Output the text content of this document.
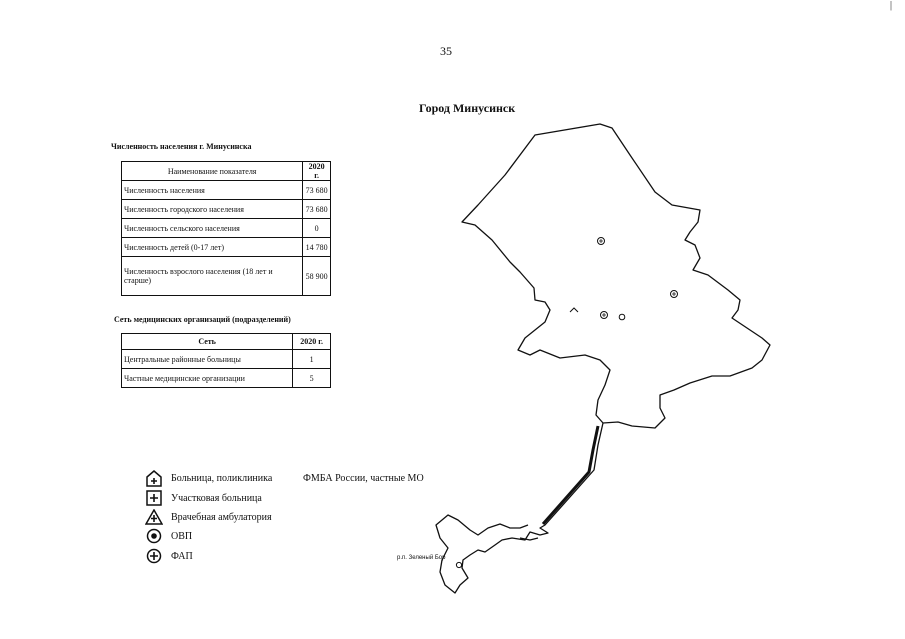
|
35
Город Минусинск
Численность населения г. Минусинска
Наименование показателя	2020 г.
Численность населения	73 680
Численность городского населения	73 680
Численность сельского населения	0
Численность детей (0-17 лет)	14 780
Численность взрослого населения (18 лет и старше)	58 900
Сеть медицинских организаций (подразделений)
Сеть	2020 г.
Центральные районные больницы	1
Частные медицинские организации	5
Больница, поликлиника
Участковая больница
Врачебная амбулатория
ОВП
ФАП
ФМБА России, частные МО
р.п. Зеленый Бор
